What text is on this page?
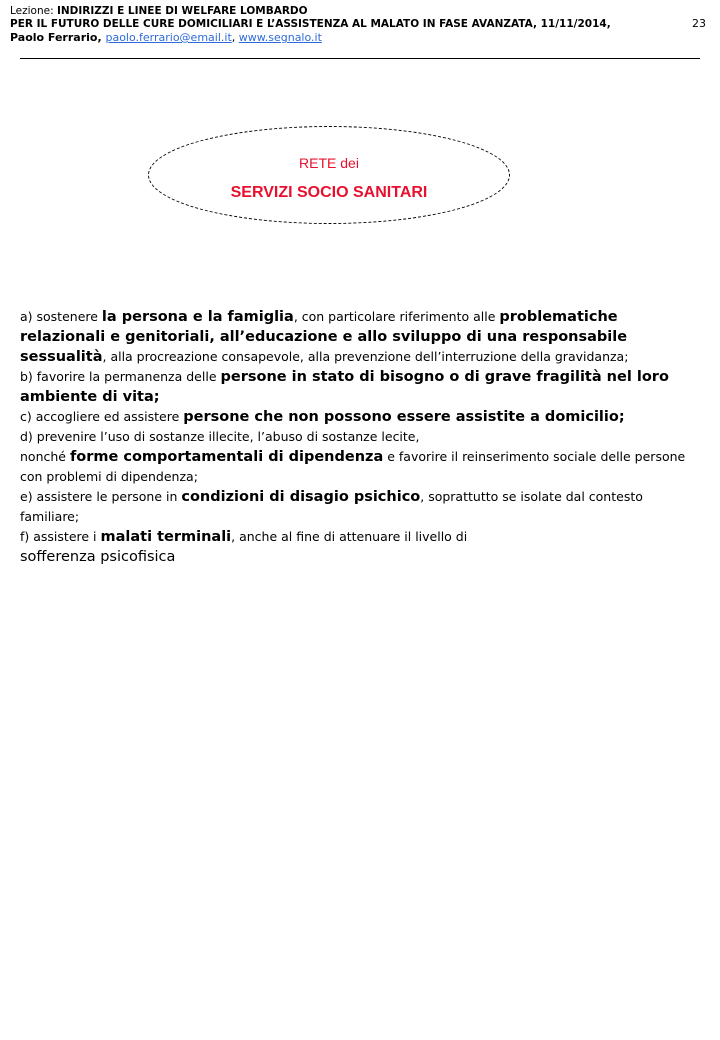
Lezione: INDIRIZZI E LINEE DI WELFARE LOMBARDO
PER IL FUTURO DELLE CURE DOMICILIARI E L’ASSISTENZA AL MALATO IN FASE AVANZATA, 11/11/2014,
Paolo Ferrario, paolo.ferrario@email.it, www.segnalo.it
23
RETE dei
SERVIZI SOCIO SANITARI
a) sostenere la persona e la famiglia, con particolare riferimento alle problematiche relazionali e genitoriali, all’educazione e allo sviluppo di una responsabile sessualità, alla procreazione consapevole, alla prevenzione dell’interruzione della gravidanza;
b) favorire la permanenza delle persone in stato di bisogno o di grave fragilità nel loro ambiente di vita;
c) accogliere ed assistere persone che non possono essere assistite a domicilio;
d) prevenire l’uso di sostanze illecite, l’abuso di sostanze lecite,
nonché forme comportamentali di dipendenza e favorire il reinserimento sociale delle persone con problemi di dipendenza;
e) assistere le persone in condizioni di disagio psichico, soprattutto se isolate dal contesto familiare;
f) assistere i malati terminali, anche al fine di attenuare il livello di
sofferenza psicofisica
